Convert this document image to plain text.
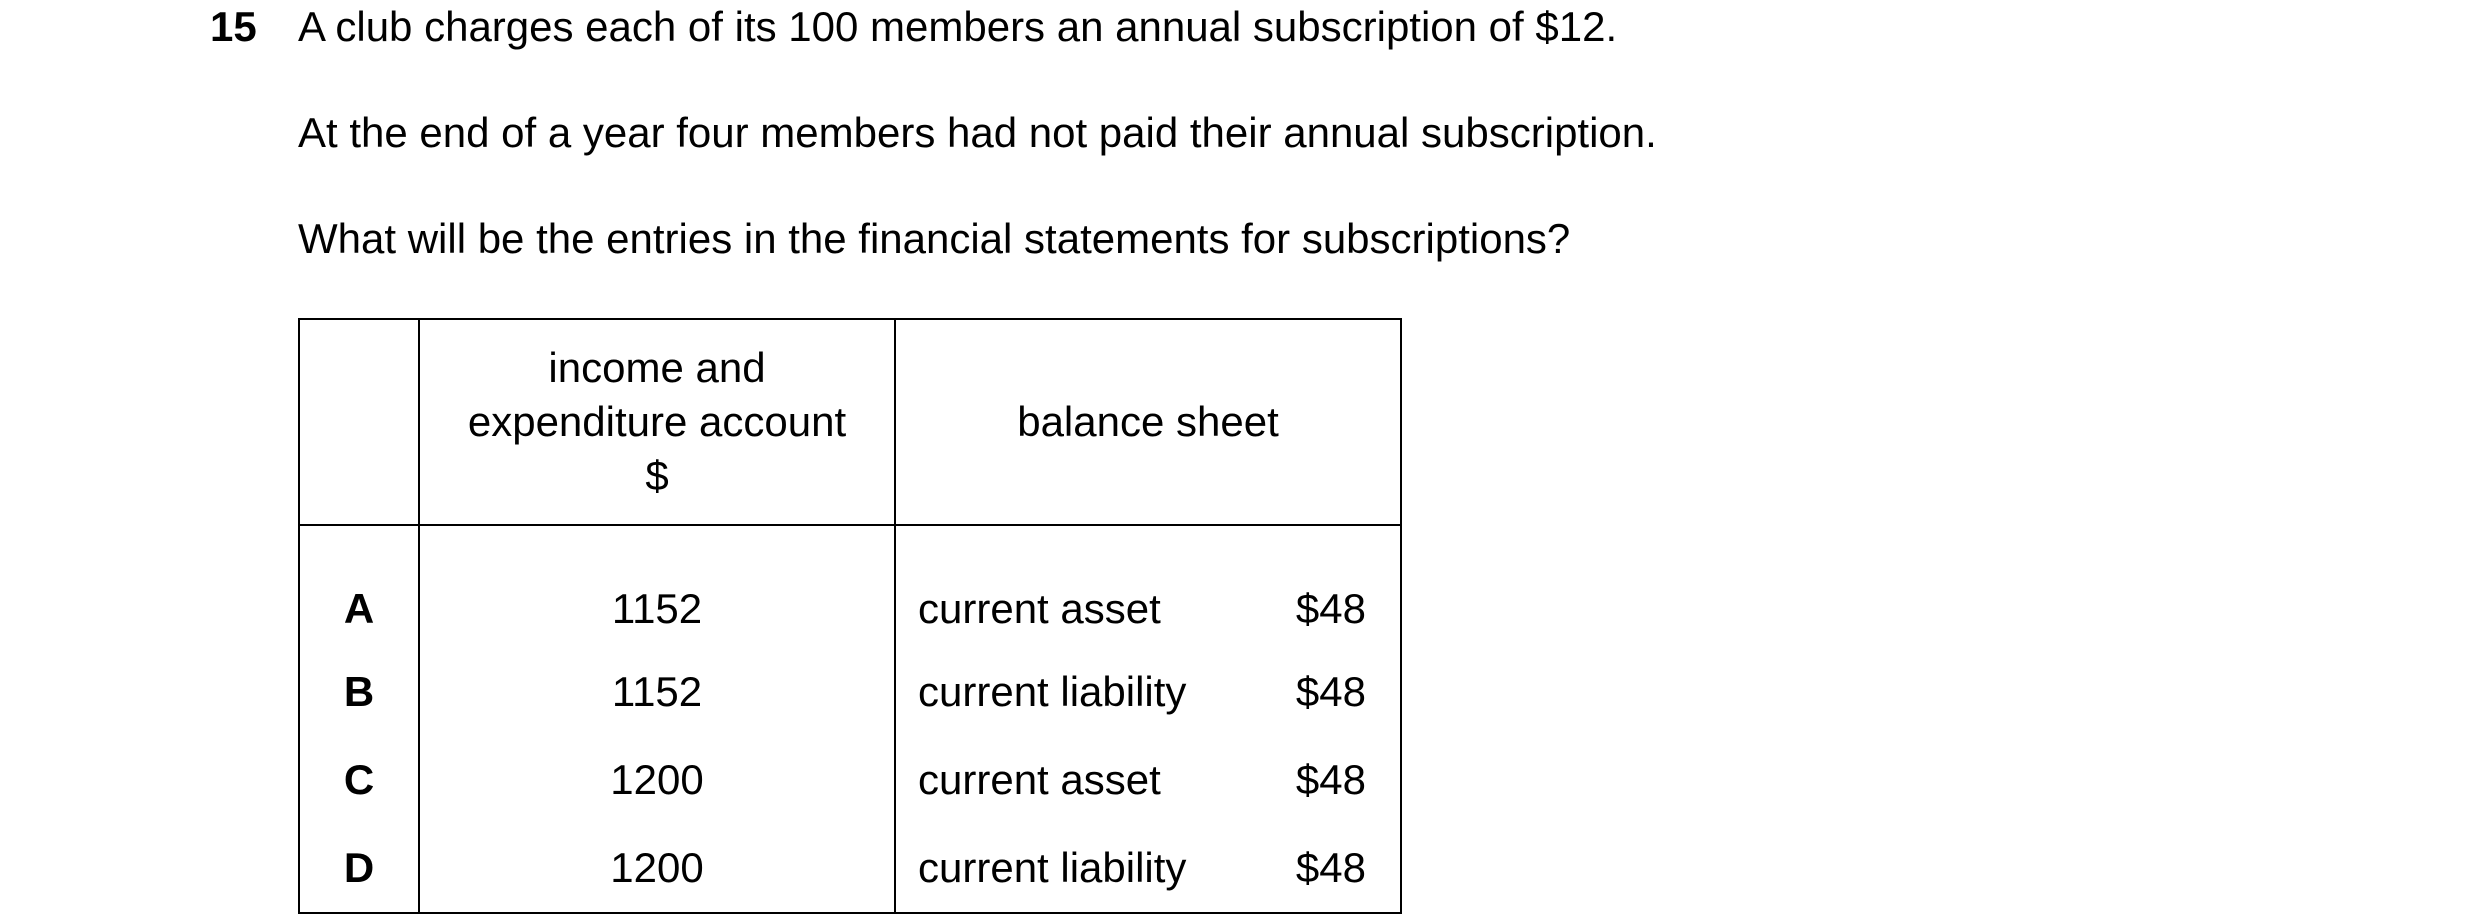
15 A club charges each of its 100 members an annual subscription of $12.
At the end of a year four members had not paid their annual subscription.
What will be the entries in the financial statements for subscriptions?

	income and
expenditure account
$	balance sheet
A	1152	current asset $48

B	1152	current liability $48

C	1200	current asset $48

D	1200	current liability $48
